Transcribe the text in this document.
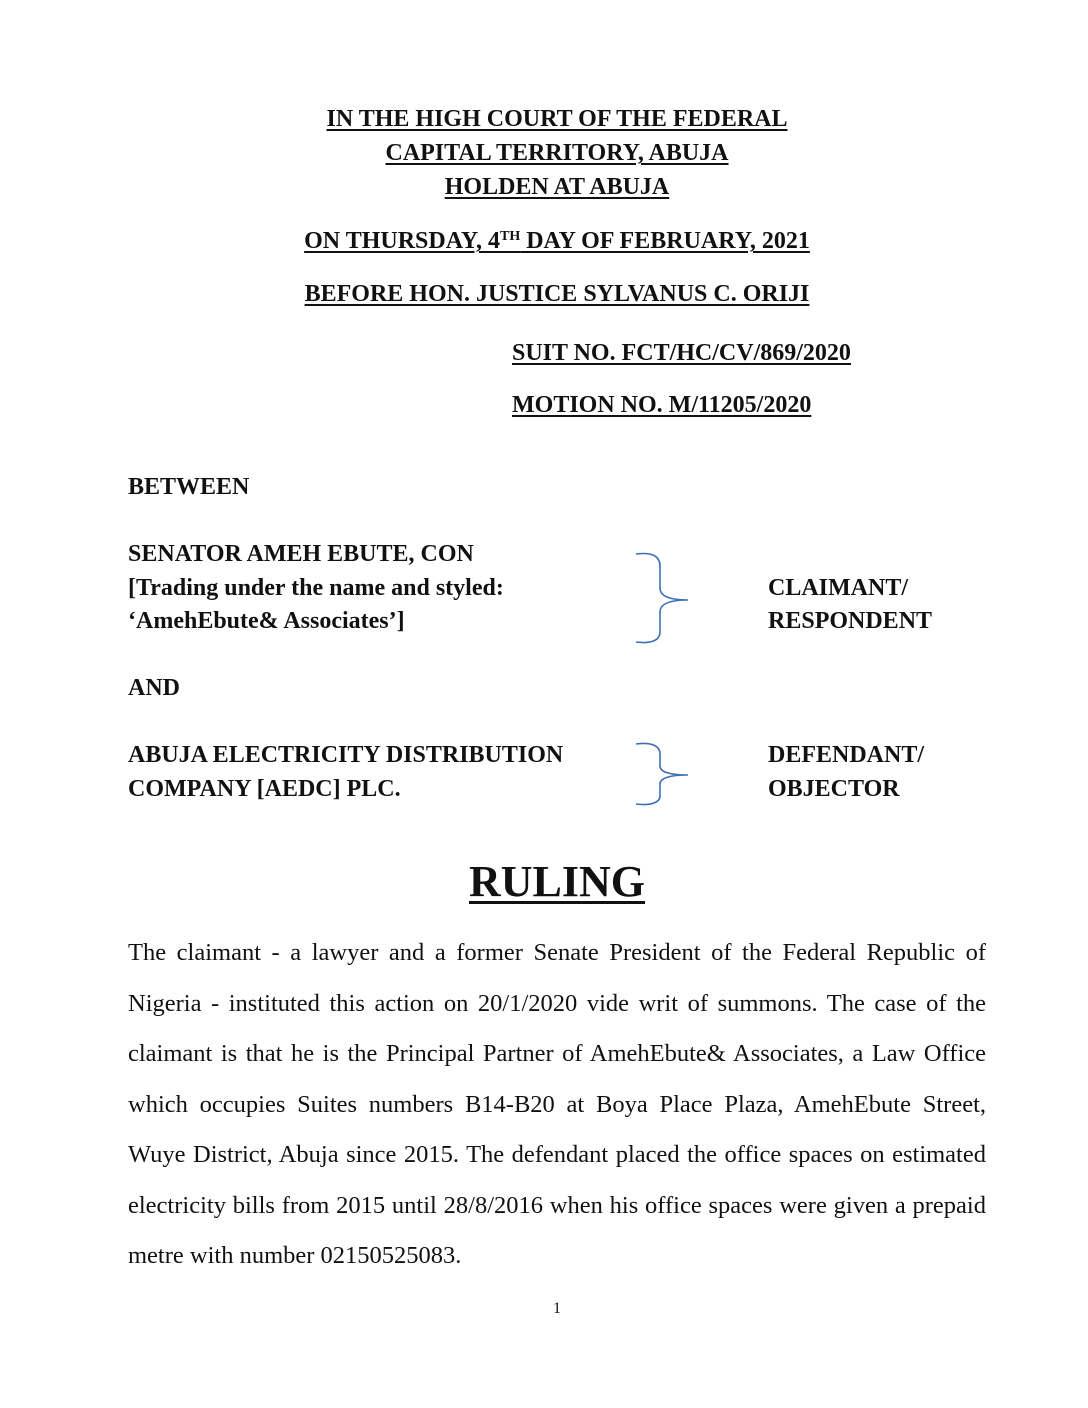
IN THE HIGH COURT OF THE FEDERAL
CAPITAL TERRITORY, ABUJA
HOLDEN AT ABUJA
ON THURSDAY, 4TH DAY OF FEBRUARY, 2021
BEFORE HON. JUSTICE SYLVANUS C. ORIJI
SUIT NO. FCT/HC/CV/869/2020
MOTION NO. M/11205/2020
BETWEEN
SENATOR AMEH EBUTE, CON
[Trading under the name and styled:
‘AmehEbute& Associates’]
CLAIMANT/
RESPONDENT
AND
ABUJA ELECTRICITY DISTRIBUTION
COMPANY [AEDC] PLC.
DEFENDANT/
OBJECTOR
RULING
The claimant - a lawyer and a former Senate President of the Federal Republic of Nigeria - instituted this action on 20/1/2020 vide writ of summons. The case of the claimant is that he is the Principal Partner of AmehEbute& Associates, a Law Office which occupies Suites numbers B14-B20 at Boya Place Plaza, AmehEbute Street, Wuye District, Abuja since 2015. The defendant placed the office spaces on estimated electricity bills from 2015 until 28/8/2016 when his office spaces were given a prepaid metre with number 02150525083.
1
